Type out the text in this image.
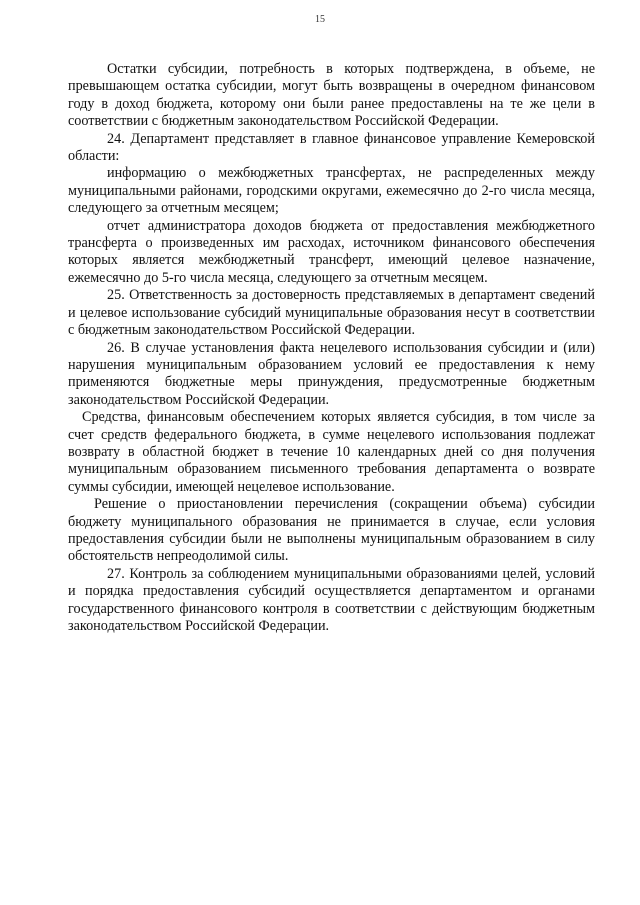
15

Остатки субсидии, потребность в которых подтверждена, в объеме, не превышающем остатка субсидии, могут быть возвращены в очередном финансовом году в доход бюджета, которому они были ранее предоставлены на те же цели в соответствии с бюджетным законодательством Российской Федерации.

24. Департамент представляет в главное финансовое управление Кемеровской области:

информацию о межбюджетных трансфертах, не распределенных между муниципальными районами, городскими округами, ежемесячно до 2-го числа месяца, следующего за отчетным месяцем;

отчет администратора доходов бюджета от предоставления межбюджетного трансферта о произведенных им расходах, источником финансового обеспечения которых является межбюджетный трансферт, имеющий целевое назначение, ежемесячно до 5-го числа месяца, следующего за отчетным месяцем.

25. Ответственность за достоверность представляемых в департамент сведений и целевое использование субсидий муниципальные образования несут в соответствии с бюджетным законодательством Российской Федерации.

26. В случае установления факта нецелевого использования субсидии и (или) нарушения муниципальным образованием условий ее предоставления к нему применяются бюджетные меры принуждения, предусмотренные бюджетным законодательством Российской Федерации.

Средства, финансовым обеспечением которых является субсидия, в том числе за счет средств федерального бюджета, в сумме нецелевого использования подлежат возврату в областной бюджет в течение 10 календарных дней со дня получения муниципальным образованием письменного требования департамента о возврате суммы субсидии, имеющей нецелевое использование.

Решение о приостановлении перечисления (сокращении объема) субсидии бюджету муниципального образования не принимается в случае, если условия предоставления субсидии были не выполнены муниципальным образованием в силу обстоятельств непреодолимой силы.

27. Контроль за соблюдением муниципальными образованиями целей, условий и порядка предоставления субсидий осуществляется департаментом и органами государственного финансового контроля в соответствии с действующим бюджетным законодательством Российской Федерации.
